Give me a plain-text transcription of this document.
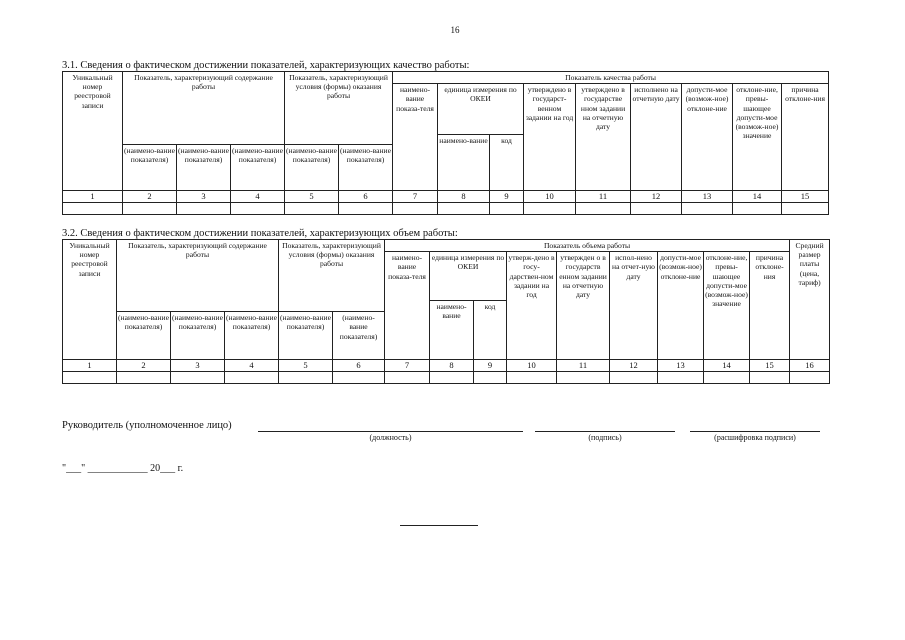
16
3.1. Сведения о фактическом достижении показателей, характеризующих качество работы:
Уникальный номер реестровой записи	Показатель, характеризующий содержание работы			Показатель, характеризующий условия (формы) оказания работы		Показатель качества работы								
						наимено-вание показа-теля	единица измерения по ОКЕИ		утверждено в государст-венном задании на год	утверждено в государстве нном задании на отчетную дату	исполнено на отчетную дату	допусти-мое (возмож-ное) отклоне-ние	отклоне-ние, превы-шающее допусти-мое (возмож-ное) значение	причина отклоне-ния
							наимено-вание	код						
	(наимено-вание показателя)	(наимено-вание показателя)	(наимено-вание показателя)	(наимено-вание показателя)	(наимено-вание показателя)									
1	2	3	4	5	6	7	8	9	10	11	12	13	14	15

3.2. Сведения о фактическом достижении показателей, характеризующих объем работы:
Уникальный номер реестровой записи	Показатель, характеризующий содержание работы			Показатель, характеризующий условия (формы) оказания работы		Показатель объема работы									Средний размер платы (цена, тариф)
						наимено-вание показа-теля	единица измерения по ОКЕИ		утверж-дено в госу-дарствен-ном задании на год	утвержден о в государств енном задании на отчетную дату	испол-нено на отчет-ную дату	допусти-мое (возмож-ное) отклоне-ние	отклоне-ние, превы-шающее допусти-мое (возмож-ное) значение	причина отклоне-ния	
							наимено-вание	код							
	(наимено-вание показателя)	(наимено-вание показателя)	(наимено-вание показателя)	(наимено-вание показателя)	(наимено-вание показателя)										
1	2	3	4	5	6	7	8	9	10	11	12	13	14	15	16

Руководитель (уполномоченное лицо)
(должность)	(подпись)	(расшифровка подписи)
"___" ____________ 20___ г.
